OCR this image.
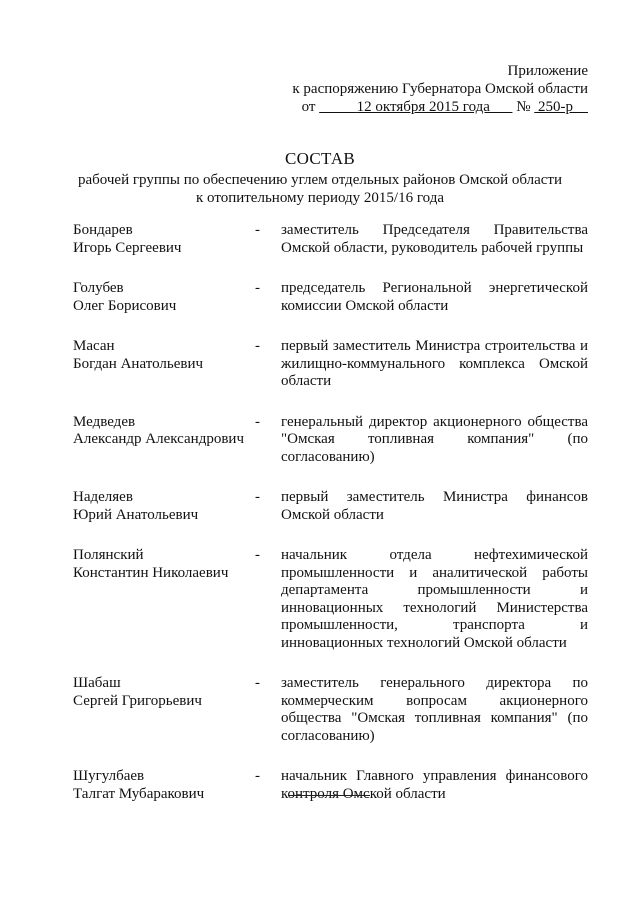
Приложение
к распоряжению Губернатора Омской области
от	12 октября 2015 года № 250-р
СОСТАВ
рабочей группы по обеспечению углем отдельных районов Омской области
к отопительному периоду 2015/16 года
Бондарев
Игорь Сергеевич
-	заместитель Председателя Правительства Омской области, руководитель рабочей группы
Голубев
Олег Борисович
-	председатель Региональной энергетической комиссии Омской области
Масан
Богдан Анатольевич
-	первый заместитель Министра строительства и жилищно-коммунального комплекса Омской области
Медведев
Александр Александрович
-	генеральный директор акционерного общества "Омская топливная компания" (по согласованию)
Наделяев
Юрий Анатольевич
-	первый заместитель Министра финансов Омской области
Полянский
Константин Николаевич
-	начальник отдела нефтехимической промышленности и аналитической работы департамента промышленности и инновационных технологий Министерства промышленности, транспорта и инновационных технологий Омской области
Шабаш
Сергей Григорьевич
-	заместитель генерального директора по коммерческим вопросам акционерного общества "Омская топливная компания" (по согласованию)
Шугулбаев
Талгат Мубаракович
-	начальник Главного управления финансового контроля Омской области
